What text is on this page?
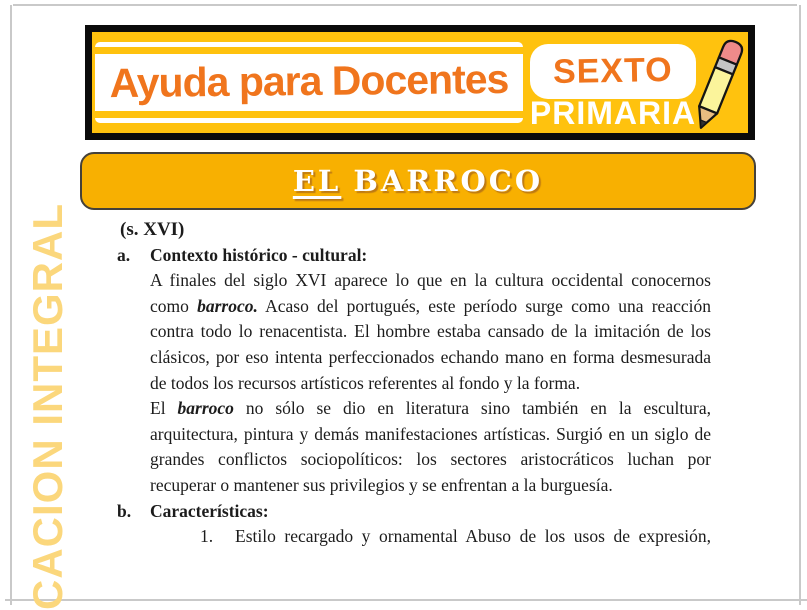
Ayuda para Docentes	SEXTO
PRIMARIA
EL BARROCO
CACION INTEGRAL	(s. XVI)

a. Contexto histórico - cultural:

A finales del siglo XVI aparece lo que en la cultura occidental conocernos como barroco. Acaso del portugués, este período surge como una reacción contra todo lo renacentista. El hombre estaba cansado de la imitación de los clásicos, por eso intenta perfeccionados echando mano en forma desmesurada de todos los recursos artísticos referentes al fondo y la forma.

El barroco no sólo se dio en literatura sino también en la escultura, arquitectura, pintura y demás manifestaciones artísticas. Surgió en un siglo de grandes conflictos sociopolíticos: los sectores aristocráticos luchan por recuperar o mantener sus privilegios y se enfrentan a la burguesía.

b. Características:

1. Estilo recargado y ornamental Abuso de los usos de expresión,
